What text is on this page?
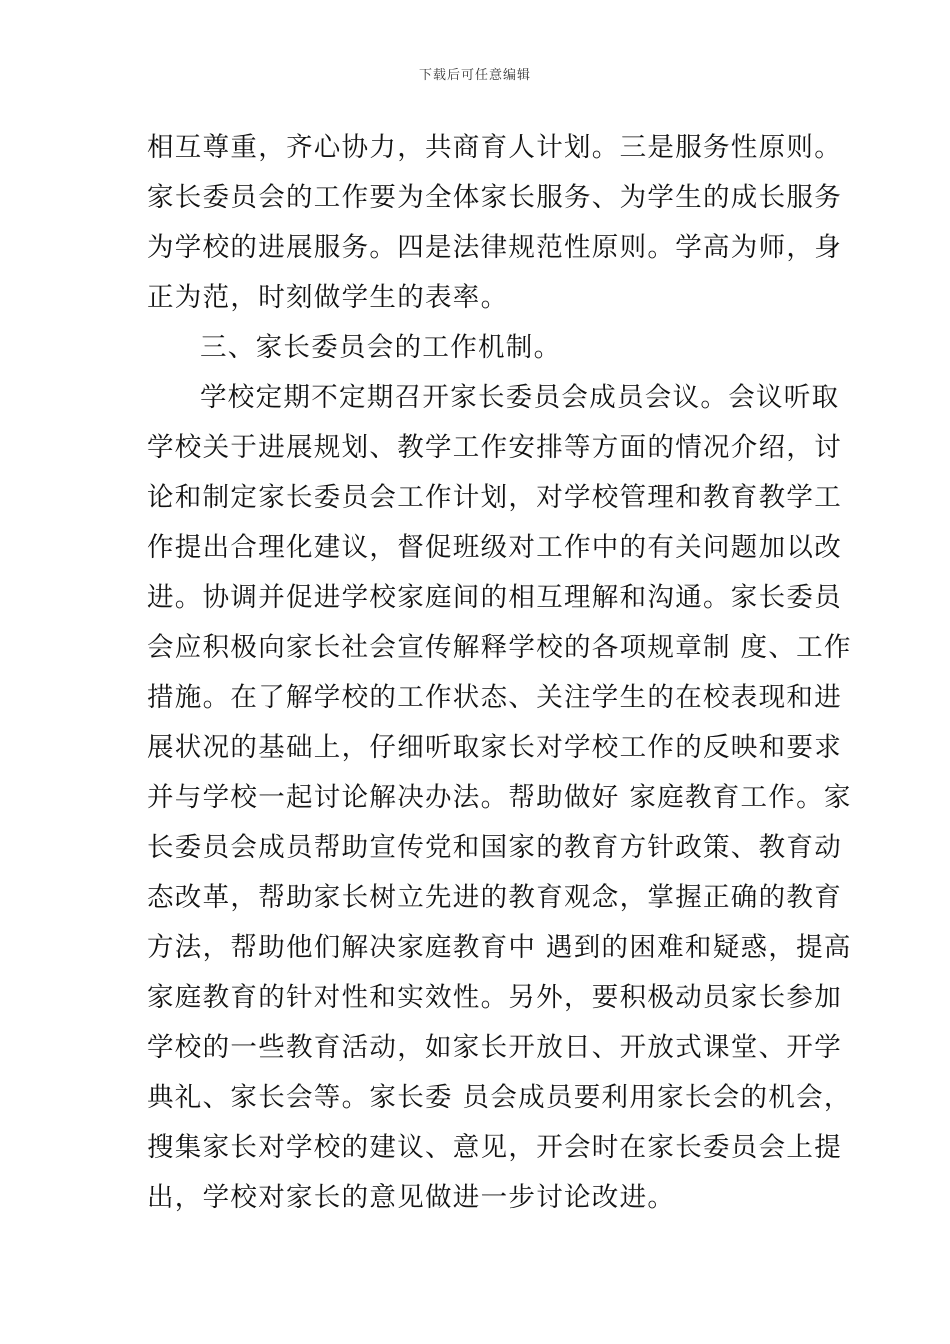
下载后可任意编辑
相互尊重，齐心协力，共商育人计划。三是服务性原则。
家长委员会的工作要为全体家长服务、为学生的成长服务
为学校的进展服务。四是法律规范性原则。学高为师，身
正为范，时刻做学生的表率。
三、家长委员会的工作机制。
学校定期不定期召开家长委员会成员会议。会议听取
学校关于进展规划、教学工作安排等方面的情况介绍，讨
论和制定家长委员会工作计划，对学校管理和教育教学工
作提出合理化建议，督促班级对工作中的有关问题加以改
进。协调并促进学校家庭间的相互理解和沟通。家长委员
会应积极向家长社会宣传解释学校的各项规章制 度、工作
措施。在了解学校的工作状态、关注学生的在校表现和进
展状况的基础上，仔细听取家长对学校工作的反映和要求
并与学校一起讨论解决办法。帮助做好 家庭教育工作。家
长委员会成员帮助宣传党和国家的教育方针政策、教育动
态改革，帮助家长树立先进的教育观念，掌握正确的教育
方法，帮助他们解决家庭教育中 遇到的困难和疑惑，提高
家庭教育的针对性和实效性。另外，要积极动员家长参加
学校的一些教育活动，如家长开放日、开放式课堂、开学
典礼、家长会等。家长委 员会成员要利用家长会的机会，
搜集家长对学校的建议、意见，开会时在家长委员会上提
出，学校对家长的意见做进一步讨论改进。
